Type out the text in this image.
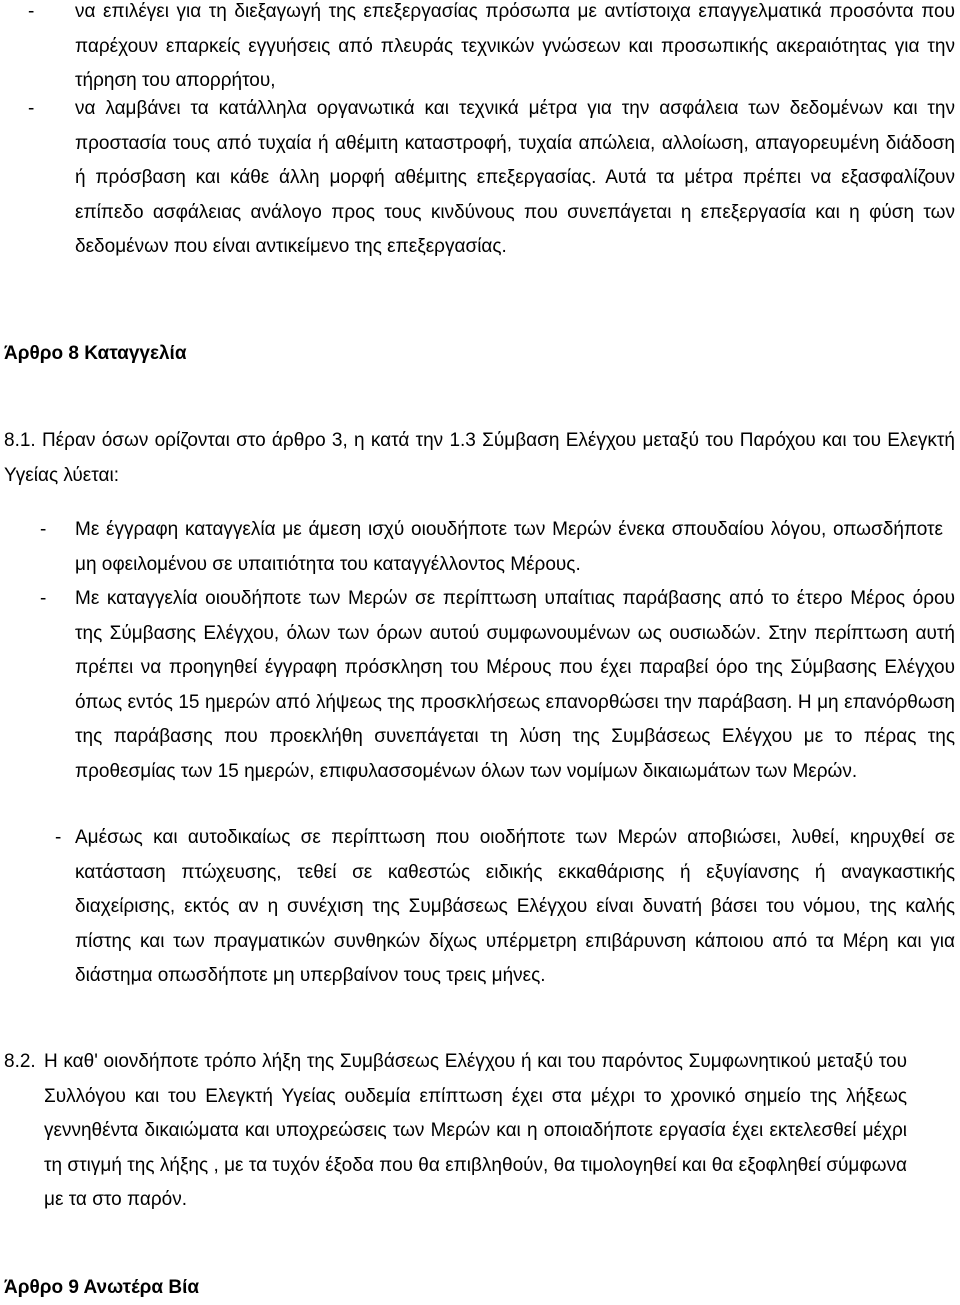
- να επιλέγει για τη διεξαγωγή της επεξεργασίας πρόσωπα με αντίστοιχα επαγγελματικά προσόντα που παρέχουν επαρκείς εγγυήσεις από πλευράς τεχνικών γνώσεων και προσωπικής ακεραιότητας για την τήρηση του απορρήτου,
- να λαμβάνει τα κατάλληλα οργανωτικά και τεχνικά μέτρα για την ασφάλεια των δεδομένων και την προστασία τους από τυχαία ή αθέμιτη καταστροφή, τυχαία απώλεια, αλλοίωση, απαγορευμένη διάδοση ή πρόσβαση και κάθε άλλη μορφή αθέμιτης επεξεργασίας. Αυτά τα μέτρα πρέπει να εξασφαλίζουν επίπεδο ασφάλειας ανάλογο προς τους κινδύνους που συνεπάγεται η επεξεργασία και η φύση των δεδομένων που είναι αντικείμενο της επεξεργασίας.
Άρθρο 8 Καταγγελία
8.1. Πέραν όσων ορίζονται στο άρθρο 3, η κατά την 1.3 Σύμβαση Ελέγχου μεταξύ του Παρόχου και του Ελεγκτή Υγείας λύεται:
- Με έγγραφη καταγγελία με άμεση ισχύ οιουδήποτε των Μερών ένεκα σπουδαίου λόγου, οπωσδήποτε μη οφειλομένου σε υπαιτιότητα του καταγγέλλοντος Μέρους.
- Με καταγγελία οιουδήποτε των Μερών σε περίπτωση υπαίτιας παράβασης από το έτερο Μέρος όρου της Σύμβασης Ελέγχου, όλων των όρων αυτού συμφωνουμένων ως ουσιωδών. Στην περίπτωση αυτή πρέπει να προηγηθεί έγγραφη πρόσκληση του Μέρους που έχει παραβεί όρο της Σύμβασης Ελέγχου όπως εντός 15 ημερών από λήψεως της προσκλήσεως επανορθώσει την παράβαση. Η μη επανόρθωση της παράβασης που προεκλήθη συνεπάγεται τη λύση της Συμβάσεως Ελέγχου με το πέρας της προθεσμίας των 15 ημερών, επιφυλασσομένων όλων των νομίμων δικαιωμάτων των Μερών.
- Αμέσως και αυτοδικαίως σε περίπτωση που οιοδήποτε των Μερών αποβιώσει, λυθεί, κηρυχθεί σε κατάσταση πτώχευσης, τεθεί σε καθεστώς ειδικής εκκαθάρισης ή εξυγίανσης ή αναγκαστικής διαχείρισης, εκτός αν η συνέχιση της Συμβάσεως Ελέγχου είναι δυνατή βάσει του νόμου, της καλής πίστης και των πραγματικών συνθηκών δίχως υπέρμετρη επιβάρυνση κάποιου από τα Μέρη και για διάστημα οπωσδήποτε μη υπερβαίνον τους τρεις μήνες.
8.2. Η καθ' οιονδήποτε τρόπο λήξη της Συμβάσεως Ελέγχου ή και του παρόντος Συμφωνητικού μεταξύ του Συλλόγου και του Ελεγκτή Υγείας ουδεμία επίπτωση έχει στα μέχρι το χρονικό σημείο της λήξεως γεννηθέντα δικαιώματα και υποχρεώσεις των Μερών και η οποιαδήποτε εργασία έχει εκτελεσθεί μέχρι τη στιγμή της λήξης , με τα τυχόν έξοδα που θα επιβληθούν, θα τιμολογηθεί και θα εξοφληθεί σύμφωνα με τα στο παρόν.
Άρθρο 9 Ανωτέρα Βία
